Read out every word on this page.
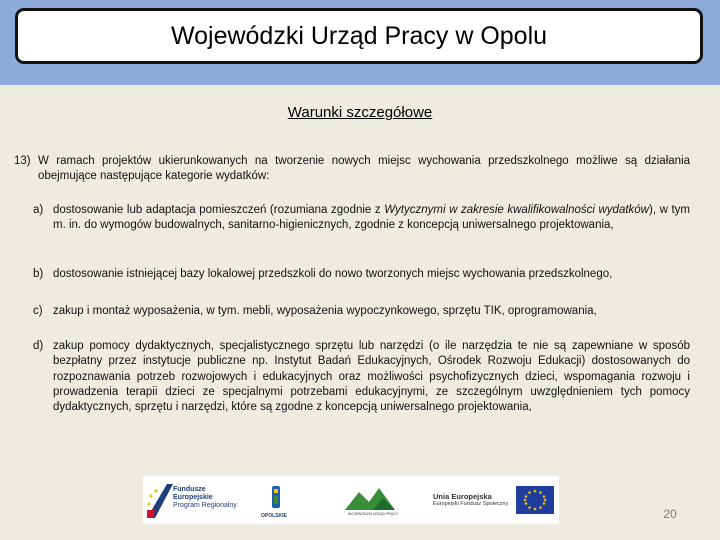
Wojewódzki Urząd Pracy w Opolu
Warunki szczegółowe
13) W ramach projektów ukierunkowanych na tworzenie nowych miejsc wychowania przedszkolnego możliwe są działania obejmujące następujące kategorie wydatków:
a) dostosowanie lub adaptacja pomieszczeń (rozumiana zgodnie z Wytycznymi w zakresie kwalifikowalności wydatków), w tym m. in. do wymogów budowalnych, sanitarno-higienicznych, zgodnie z koncepcją uniwersalnego projektowania,
b) dostosowanie istniejącej bazy lokalowej przedszkoli do nowo tworzonych miejsc wychowania przedszkolnego,
c) zakup i montaż wyposażenia, w tym. mebli, wyposażenia wypoczynkowego, sprzętu TIK, oprogramowania,
d) zakup pomocy dydaktycznych, specjalistycznego sprzętu lub narzędzi (o ile narzędzia te nie są zapewniane w sposób bezpłatny przez instytucje publiczne np. Instytut Badań Edukacyjnych, Ośrodek Rozwoju Edukacji) dostosowanych do rozpoznawania potrzeb rozwojowych i edukacyjnych oraz możliwości psychofizycznych dzieci, wspomagania rozwoju i prowadzenia terapii dzieci ze specjalnymi potrzebami edukacyjnymi, ze szczególnym uwzględnieniem tych pomocy dydaktycznych, sprzętu i narzędzi, które są zgodne z koncepcją uniwersalnego projektowania,
Fundusze
Europejskie
Program Regionalny
OPOLSKIE	WOJEWÓDZKI URZĄD PRACY
Unia Europejska
Europejski Fundusz Społeczny
20
